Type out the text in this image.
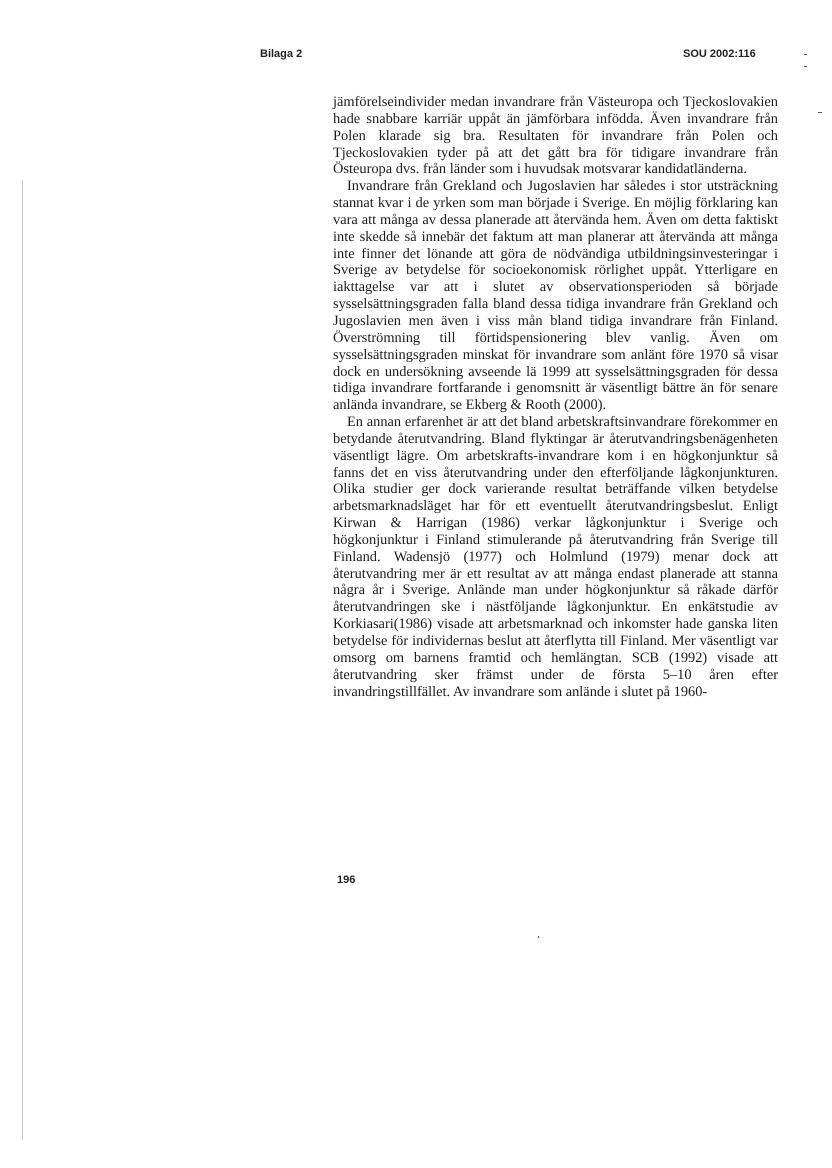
Bilaga 2	SOU 2002:116

jämförelseindivider medan invandrare från Västeuropa och Tjeckoslovakien hade snabbare karriär uppåt än jämförbara infödda. Även invandrare från Polen klarade sig bra. Resultaten för invandrare från Polen och Tjeckoslovakien tyder på att det gått bra för tidigare invandrare från Östeuropa dvs. från länder som i huvudsak motsvarar kandidatländerna.

Invandrare från Grekland och Jugoslavien har således i stor utsträckning stannat kvar i de yrken som man började i Sverige. En möjlig förklaring kan vara att många av dessa planerade att återvända hem. Även om detta faktiskt inte skedde så innebär det faktum att man planerar att återvända att många inte finner det lönande att göra de nödvändiga utbildningsinvesteringar i Sverige av betydelse för socioekonomisk rörlighet uppåt. Ytterligare en iakttagelse var att i slutet av observationsperioden så började sysselsättningsgraden falla bland dessa tidiga invandrare från Grekland och Jugoslavien men även i viss mån bland tidiga invandrare från Finland. Överströmning till förtidspensionering blev vanlig. Även om sysselsättningsgraden minskat för invandrare som anlänt före 1970 så visar dock en undersökning avseende lä 1999 att sysselsättningsgraden för dessa tidiga invandrare fortfarande i genomsnitt är väsentligt bättre än för senare anlända invandrare, se Ekberg & Rooth (2000).

En annan erfarenhet är att det bland arbetskraftsinvandrare förekommer en betydande återutvandring. Bland flyktingar är återutvandringsbenägenheten väsentligt lägre. Om arbetskrafts-invandrare kom i en högkonjunktur så fanns det en viss återutvandring under den efterföljande lågkonjunkturen. Olika studier ger dock varierande resultat beträffande vilken betydelse arbetsmarknadsläget har för ett eventuellt återutvandringsbeslut. Enligt Kirwan & Harrigan (1986) verkar lågkonjunktur i Sverige och högkonjunktur i Finland stimulerande på återutvandring från Sverige till Finland. Wadensjö (1977) och Holmlund (1979) menar dock att återutvandring mer är ett resultat av att många endast planerade att stanna några år i Sverige. Anlände man under högkonjunktur så råkade därför återutvandringen ske i nästföljande lågkonjunktur. En enkätstudie av Korkiasari(1986) visade att arbetsmarknad och inkomster hade ganska liten betydelse för individernas beslut att återflytta till Finland. Mer väsentligt var omsorg om barnens framtid och hemlängtan. SCB (1992) visade att återutvandring sker främst under de första 5–10 åren efter invandringstillfället. Av invandrare som anlände i slutet på 1960-

196
